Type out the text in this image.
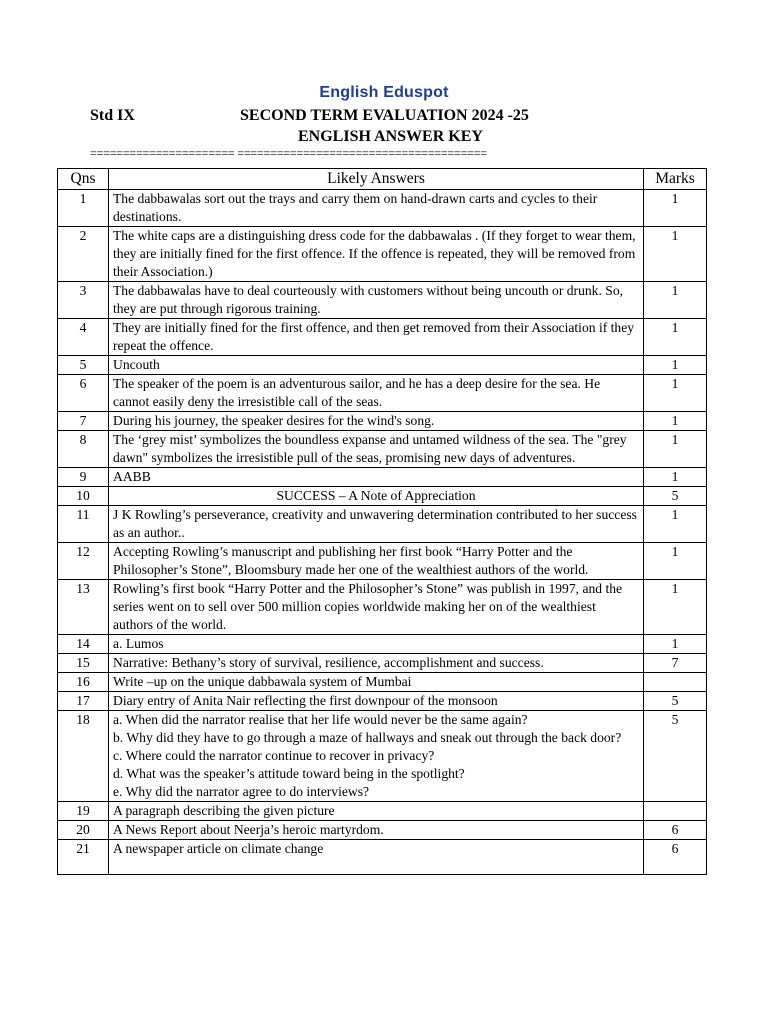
English Eduspot
Std IX	SECOND TERM EVALUATION 2024 -25
ENGLISH ANSWER KEY
====================== ======================================
Qns	Likely Answers	Marks
1	The dabbawalas sort out the trays and carry them on hand-drawn carts and cycles to their destinations.	1
2	The white caps are a distinguishing dress code for the dabbawalas . (If they forget to wear them, they are initially fined for the first offence. If the offence is repeated, they will be removed from their Association.)	1
3	The dabbawalas have to deal courteously with customers without being uncouth or drunk. So, they are put through rigorous training.	1
4	They are initially fined for the first offence, and then get removed from their Association if they repeat the offence.	1
5	Uncouth	1
6	The speaker of the poem is an adventurous sailor, and he has a deep desire for the sea. He cannot easily deny the irresistible call of the seas.	1
7	During his journey, the speaker desires for the wind's song.	1
8	The ‘grey mist’ symbolizes the boundless expanse and untamed wildness of the sea. The "grey dawn" symbolizes the irresistible pull of the seas, promising new days of adventures.	1
9	AABB	1
10	SUCCESS – A Note of Appreciation	5
11	J K Rowling’s perseverance, creativity and unwavering determination contributed to her success as an author..	1
12	Accepting Rowling’s manuscript and publishing her first book “Harry Potter and the Philosopher’s Stone”, Bloomsbury made her one of the wealthiest authors of the world.	1
13	Rowling’s first book “Harry Potter and the Philosopher’s Stone” was publish in 1997, and the series went on to sell over 500 million copies worldwide making her on of the wealthiest authors of the world.	1
14	a. Lumos	1
15	Narrative: Bethany’s story of survival, resilience, accomplishment and success.	7
16	Write –up on the unique dabbawala system of Mumbai	
17	Diary entry of Anita Nair reflecting the first downpour of the monsoon	5
18	a. When did the narrator realise that her life would never be the same again?
b. Why did they have to go through a maze of hallways and sneak out through the back door?
c. Where could the narrator continue to recover in privacy?
d. What was the speaker’s attitude toward being in the spotlight?
e. Why did the narrator agree to do interviews?	5
19	A paragraph describing the given picture	
20	A News Report about Neerja’s heroic martyrdom.	6
21	A newspaper article on climate change	6
